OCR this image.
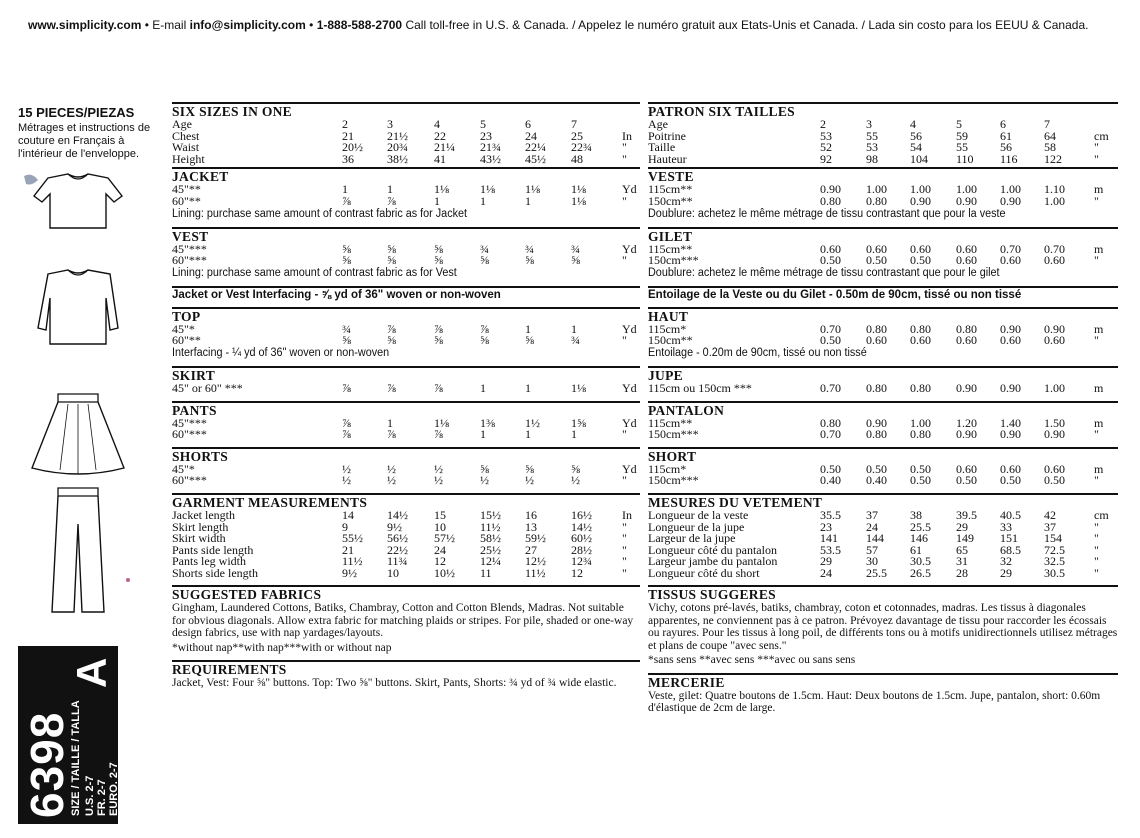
www.simplicity.com • E-mail info@simplicity.com • 1-888-588-2700 Call toll-free in U.S. & Canada. / Appelez le numéro gratuit aux Etats-Unis et Canada. / Lada sin costo para los EEUU & Canada.
15 PIECES/PIEZAS
Métrages et instructions de couture en Français à l'intérieur de l'enveloppe.
6398
SIZE / TAILLE / TALLA U.S. 2-7 FR. 2-7 EURO. 2-7
A
SIX SIZES IN ONE
Age	2	3	4	5	6	7
Chest	21	21½ 22	23	24	25	In
Waist	20½ 20¾ 21¼ 21¾ 22¼ 22¾	"
Height	36	38½ 41	43½ 45½ 48	"
JACKET
45"**	1	1	1⅛	1⅛	1⅛	1⅛	Yd
60"**	⅞	⅞	1	1	1	1⅛	"
Lining: purchase same amount of contrast fabric as for Jacket
VEST
45"***	⅝	⅝	⅝	¾	¾	¾	Yd
60"***	⅝	⅝	⅝	⅝	⅝	⅝	"
Lining: purchase same amount of contrast fabric as for Vest
Jacket or Vest Interfacing - ⅝ yd of 36" woven or non-woven
TOP
45"*	¾	⅞	⅞	⅞	1	1	Yd
60"**	⅝	⅝	⅝	⅝	⅝	¾	"
Interfacing - ¼ yd of 36" woven or non-woven
SKIRT
45" or 60" ***	⅞	⅞	⅞	1	1	1⅛	Yd
PANTS
45"***	⅞	1	1⅛	1⅜	1½	1⅝	Yd
60"***	⅞	⅞	⅞	1	1	1	"
SHORTS
45"*	½	½	½	⅝	⅝	⅝	Yd
60"***	½	½	½	½	½	½	"
GARMENT MEASUREMENTS
Jacket length	14	14½ 15	15½ 16	16½	In
Skirt length	9	9½	10	11½ 13	14½	"
Skirt width	55½ 56½ 57½ 58½ 59½ 60½	"
Pants side length	21	22½ 24	25½ 27	28½	"
Pants leg width	11½ 11¾ 12	12¼ 12½ 12¾	"
Shorts side length	9½	10	10½ 11	11½ 12	"
SUGGESTED FABRICS
Gingham, Laundered Cottons, Batiks, Chambray, Cotton and Cotton Blends, Madras. Not suitable for obvious diagonals. Allow extra fabric for matching plaids or stripes. For pile, shaded or one-way design fabrics, use with nap yardages/layouts.
*without nap**with nap***with or without nap
REQUIREMENTS
Jacket, Vest: Four ⅝" buttons. Top: Two ⅝" buttons. Skirt, Pants, Shorts: ¾ yd of ¾ wide elastic.
PATRON SIX TAILLES
Age	2	3	4	5	6	7
Poitrine	53	55	56	59	61	64	cm
Taille	52	53	54	55	56	58	"
Hauteur	92	98	104 110 116 122	"
VESTE
115cm**	0.90 1.00 1.00 1.00 1.00 1.10 m
150cm**	0.80 0.80 0.90 0.90 0.90 1.00 "
Doublure: achetez le même métrage de tissu contrastant que pour la veste
GILET
115cm**	0.60 0.60 0.60 0.60 0.70 0.70 m
150cm***	0.50 0.50 0.50 0.60 0.60 0.60 "
Doublure: achetez le même métrage de tissu contrastant que pour le gilet
Entoilage de la Veste ou du Gilet - 0.50m de 90cm, tissé ou non tissé
HAUT
115cm*	0.70 0.80 0.80 0.80 0.90 0.90 m
150cm**	0.50 0.60 0.60 0.60 0.60 0.60 "
Entoilage - 0.20m de 90cm, tissé ou non tissé
JUPE
115cm ou 150cm ***	0.70 0.80 0.80 0.90 0.90 1.00 m
PANTALON
115cm**	0.80 0.90 1.00 1.20 1.40 1.50 m
150cm***	0.70 0.80 0.80 0.90 0.90 0.90 "
SHORT
115cm*	0.50 0.50 0.50 0.60 0.60 0.60 m
150cm***	0.40 0.40 0.50 0.50 0.50 0.50 "
MESURES DU VETEMENT
Longueur de la veste	35.5 37	38	39.5 40.5 42	cm
Longueur de la jupe	23	24	25.5 29	33	37	"
Largeur de la jupe	141 144 146 149 151 154	"
Longueur côté du pantalon	53.5 57	61	65	68.5 72.5 "
Largeur jambe du pantalon	29	30	30.5 31	32	32.5 "
Longueur côté du short	24	25.5 26.5 28	29	30.5 "
TISSUS SUGGERES
Vichy, cotons pré-lavés, batiks, chambray, coton et cotonnades, madras. Les tissus à diagonales apparentes, ne conviennent pas à ce patron. Prévoyez davantage de tissu pour raccorder les écossais ou rayures. Pour les tissus à long poil, de différents tons ou à motifs unidirectionnels utilisez métrages et plans de coupe "avec sens."
*sans sens **avec sens ***avec ou sans sens
MERCERIE
Veste, gilet: Quatre boutons de 1.5cm. Haut: Deux boutons de 1.5cm. Jupe, pantalon, short: 0.60m d'élastique de 2cm de large.
